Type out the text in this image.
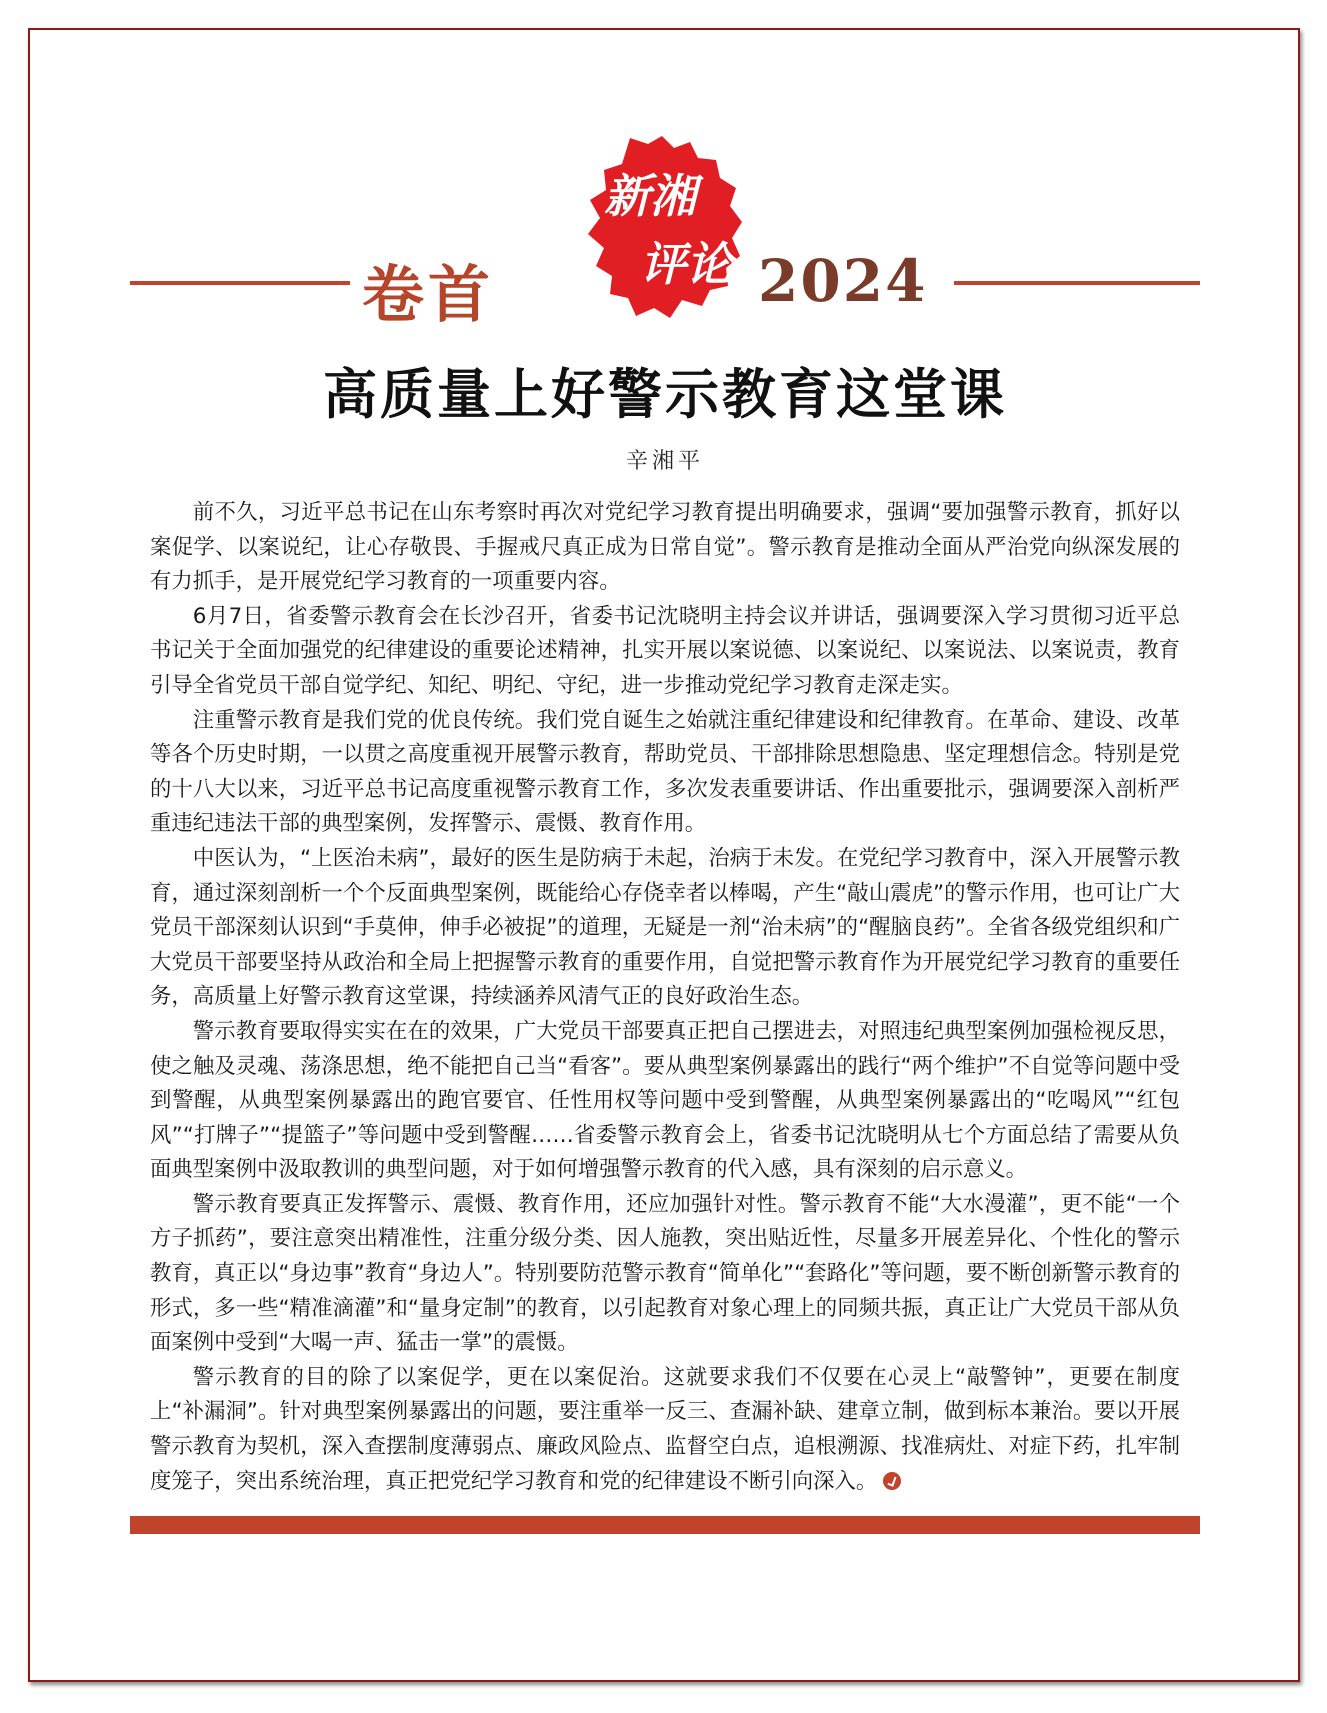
卷首
新湘
评论 2024
高质量上好警示教育这堂课
辛湘平

前不久，习近平总书记在山东考察时再次对党纪学习教育提出明确要求，强调“要加强警示教育，抓好以案促学、以案说纪，让心存敬畏、手握戒尺真正成为日常自觉”。警示教育是推动全面从严治党向纵深发展的有力抓手，是开展党纪学习教育的一项重要内容。

6月7日，省委警示教育会在长沙召开，省委书记沈晓明主持会议并讲话，强调要深入学习贯彻习近平总书记关于全面加强党的纪律建设的重要论述精神，扎实开展以案说德、以案说纪、以案说法、以案说责，教育引导全省党员干部自觉学纪、知纪、明纪、守纪，进一步推动党纪学习教育走深走实。

注重警示教育是我们党的优良传统。我们党自诞生之始就注重纪律建设和纪律教育。在革命、建设、改革等各个历史时期，一以贯之高度重视开展警示教育，帮助党员、干部排除思想隐患、坚定理想信念。特别是党的十八大以来，习近平总书记高度重视警示教育工作，多次发表重要讲话、作出重要批示，强调要深入剖析严重违纪违法干部的典型案例，发挥警示、震慑、教育作用。

中医认为，“上医治未病”，最好的医生是防病于未起，治病于未发。在党纪学习教育中，深入开展警示教育，通过深刻剖析一个个反面典型案例，既能给心存侥幸者以棒喝，产生“敲山震虎”的警示作用，也可让广大党员干部深刻认识到“手莫伸，伸手必被捉”的道理，无疑是一剂“治未病”的“醒脑良药”。全省各级党组织和广大党员干部要坚持从政治和全局上把握警示教育的重要作用，自觉把警示教育作为开展党纪学习教育的重要任务，高质量上好警示教育这堂课，持续涵养风清气正的良好政治生态。

警示教育要取得实实在在的效果，广大党员干部要真正把自己摆进去，对照违纪典型案例加强检视反思，使之触及灵魂、荡涤思想，绝不能把自己当“看客”。要从典型案例暴露出的践行“两个维护”不自觉等问题中受到警醒，从典型案例暴露出的跑官要官、任性用权等问题中受到警醒，从典型案例暴露出的“吃喝风”“红包风”“打牌子”“提篮子”等问题中受到警醒……省委警示教育会上，省委书记沈晓明从七个方面总结了需要从负面典型案例中汲取教训的典型问题，对于如何增强警示教育的代入感，具有深刻的启示意义。

警示教育要真正发挥警示、震慑、教育作用，还应加强针对性。警示教育不能“大水漫灌”，更不能“一个方子抓药”，要注意突出精准性，注重分级分类、因人施教，突出贴近性，尽量多开展差异化、个性化的警示教育，真正以“身边事”教育“身边人”。特别要防范警示教育“简单化”“套路化”等问题，要不断创新警示教育的形式，多一些“精准滴灌”和“量身定制”的教育，以引起教育对象心理上的同频共振，真正让广大党员干部从负面案例中受到“大喝一声、猛击一掌”的震慑。

警示教育的目的除了以案促学，更在以案促治。这就要求我们不仅要在心灵上“敲警钟”，更要在制度上“补漏洞”。针对典型案例暴露出的问题，要注重举一反三、查漏补缺、建章立制，做到标本兼治。要以开展警示教育为契机，深入查摆制度薄弱点、廉政风险点、监督空白点，追根溯源、找准病灶、对症下药，扎牢制度笼子，突出系统治理，真正把党纪学习教育和党的纪律建设不断引向深入。
